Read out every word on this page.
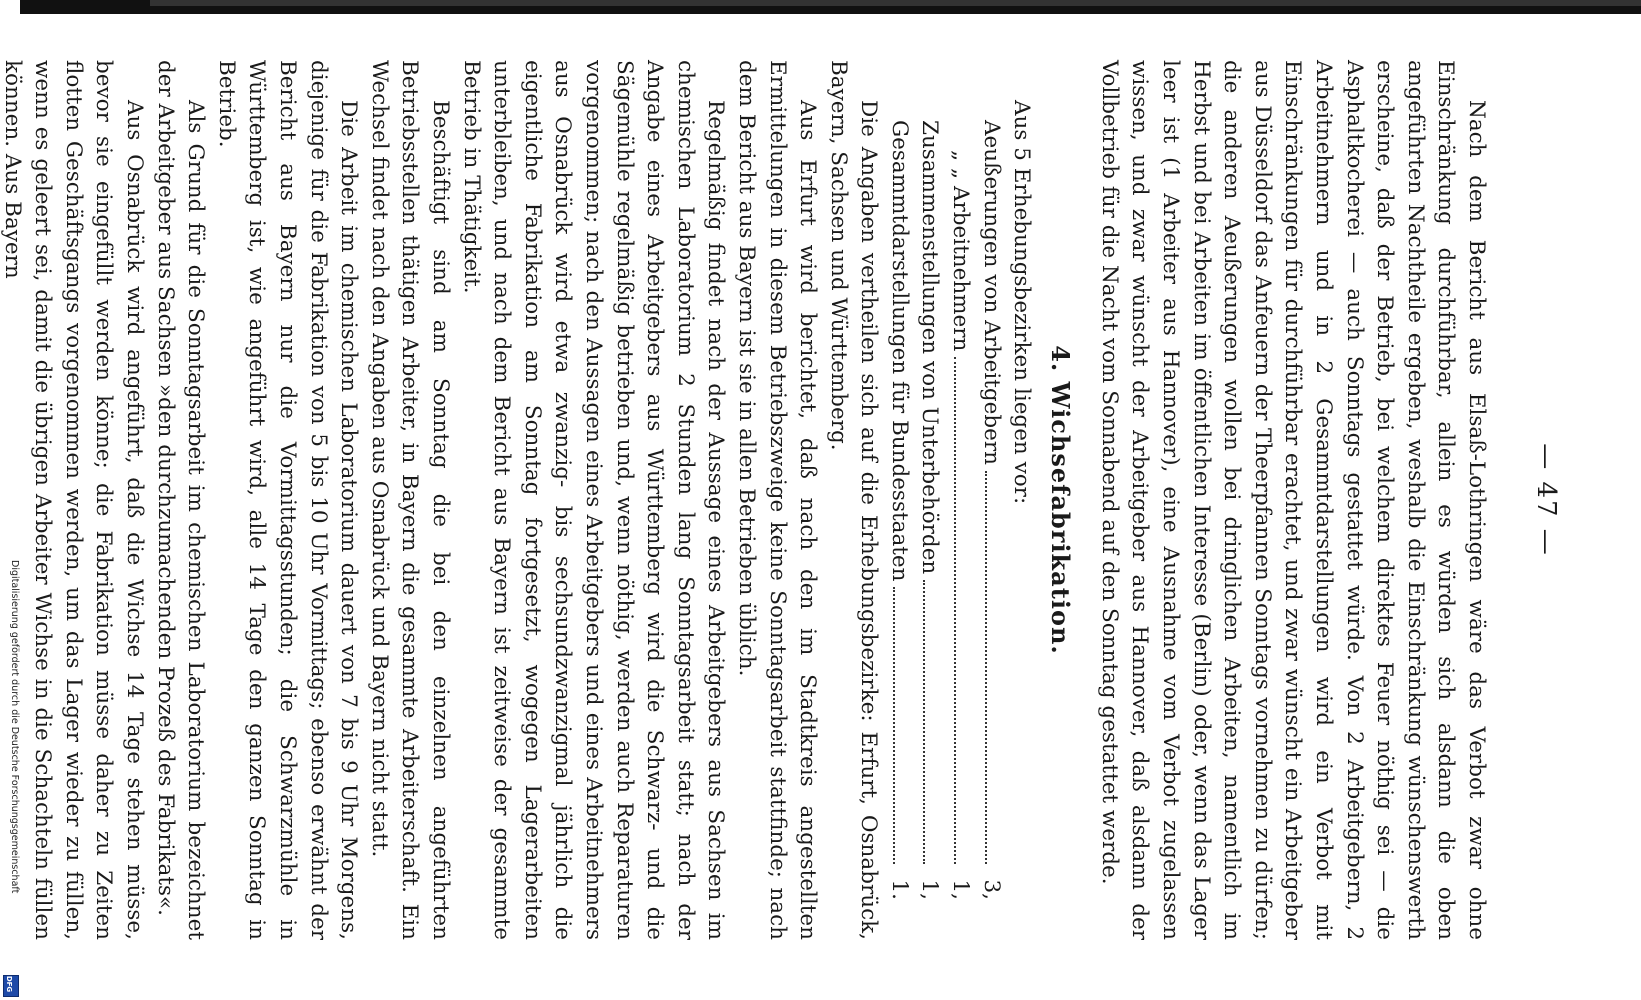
— 47 —

Nach dem Bericht aus Elsaß-Lothringen wäre das Verbot zwar ohne Einschränkung durchführbar, allein es würden sich alsdann die oben angeführten Nachtheile ergeben, weshalb die Einschränkung wünschenswerth erscheine, daß der Betrieb, bei welchem direktes Feuer nöthig sei — die Asphaltkocherei — auch Sonntags gestattet würde. Von 2 Arbeitgebern, 2 Arbeitnehmern und in 2 Gesammtdarstellungen wird ein Verbot mit Einschränkungen für durchführbar erachtet, und zwar wünscht ein Arbeitgeber aus Düsseldorf das Anfeuern der Theerpfannen Sonntags vornehmen zu dürfen; die anderen Aeußerungen wollen bei dringlichen Arbeiten, namentlich im Herbst und bei Arbeiten im öffentlichen Interesse (Berlin) oder, wenn das Lager leer ist (1 Arbeiter aus Hannover), eine Ausnahme vom Verbot zugelassen wissen, und zwar wünscht der Arbeitgeber aus Hannover, daß alsdann der Vollbetrieb für die Nacht vom Sonnabend auf den Sonntag gestattet werde.

4. Wichsefabrikation.

Aus 5 Erhebungsbezirken liegen vor:

Aeußerungen von Arbeitgebern
3,
„ „ Arbeitnehmern
1,
Zusammenstellungen von Unterbehörden
1,
Gesammtdarstellungen für Bundesstaaten
1.

Die Angaben vertheilen sich auf die Erhebungsbezirke: Erfurt, Osnabrück, Bayern, Sachsen und Württemberg.

Aus Erfurt wird berichtet, daß nach den im Stadtkreis angestellten Ermittelungen in diesem Betriebszweige keine Sonntagsarbeit stattfinde; nach dem Bericht aus Bayern ist sie in allen Betrieben üblich.

Regelmäßig findet nach der Aussage eines Arbeitgebers aus Sachsen im chemischen Laboratorium 2 Stunden lang Sonntagsarbeit statt; nach der Angabe eines Arbeitgebers aus Württemberg wird die Schwarz- und die Sägemühle regelmäßig betrieben und, wenn nöthig, werden auch Reparaturen vorgenommen; nach den Aussagen eines Arbeitgebers und eines Arbeitnehmers aus Osnabrück wird etwa zwanzig- bis sechsundzwanzigmal jährlich die eigentliche Fabrikation am Sonntag fortgesetzt, wogegen Lagerarbeiten unterbleiben, und nach dem Bericht aus Bayern ist zeitweise der gesammte Betrieb in Thätigkeit.

Beschäftigt sind am Sonntag die bei den einzelnen angeführten Betriebsstellen thätigen Arbeiter, in Bayern die gesammte Arbeiterschaft. Ein Wechsel findet nach den Angaben aus Osnabrück und Bayern nicht statt.

Die Arbeit im chemischen Laboratorium dauert von 7 bis 9 Uhr Morgens, diejenige für die Fabrikation von 5 bis 10 Uhr Vormittags; ebenso erwähnt der Bericht aus Bayern nur die Vormittagsstunden; die Schwarzmühle in Württemberg ist, wie angeführt wird, alle 14 Tage den ganzen Sonntag in Betrieb.

Als Grund für die Sonntagsarbeit im chemischen Laboratorium bezeichnet der Arbeitgeber aus Sachsen »den durchzumachenden Prozeß des Fabrikats«.

Aus Osnabrück wird angeführt, daß die Wichse 14 Tage stehen müsse, bevor sie eingefüllt werden könne; die Fabrikation müsse daher zu Zeiten flotten Geschäftsgangs vorgenommen werden, um das Lager wieder zu füllen, wenn es geleert sei, damit die übrigen Arbeiter Wichse in die Schachteln füllen können. Aus Bayern

Digitalisierung gefördert durch die Deutsche Forschungsgemeinschaft
DFG
